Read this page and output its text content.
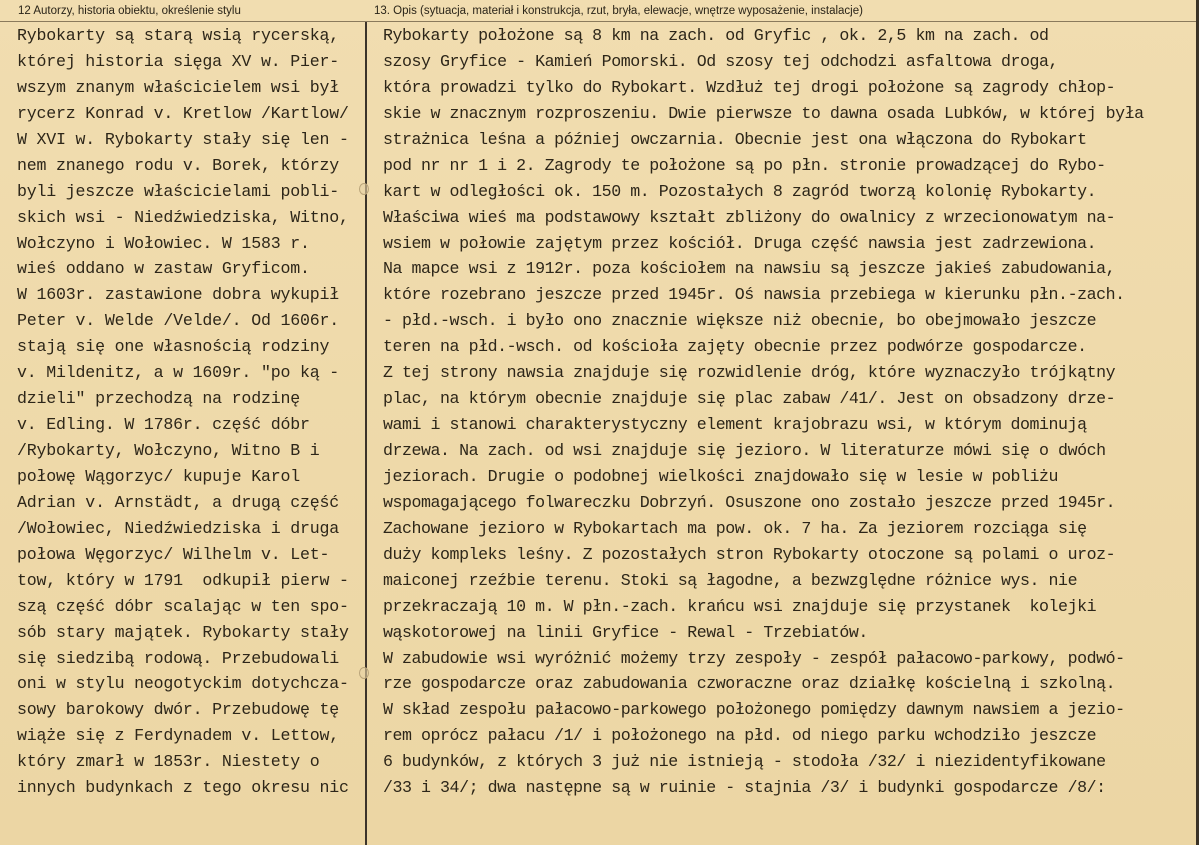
12 Autorzy, historia obiektu, określenie stylu	13. Opis (sytuacja, materiał i konstrukcja, rzut, bryła, elewacje, wnętrze wyposażenie, instalacje)
Rybokarty są starą wsią rycerską,
której historia sięga XV w. Pier-
wszym znanym właścicielem wsi był
rycerz Konrad v. Kretlow /Kartlow/
W XVI w. Rybokarty stały się len -
nem znanego rodu v. Borek, którzy
byli jeszcze właścicielami pobli-
skich wsi - Niedźwiedziska, Witno,
Wołczyno i Wołowiec. W 1583 r.
wieś oddano w zastaw Gryficom.
W 1603r. zastawione dobra wykupił
Peter v. Welde /Velde/. Od 1606r.
stają się one własnością rodziny
v. Mildenitz, a w 1609r. "po ką -
dzieli" przechodzą na rodzinę
v. Edling. W 1786r. część dóbr
/Rybokarty, Wołczyno, Witno B i
połowę Wągorzyc/ kupuje Karol
Adrian v. Arnstädt, a drugą część
/Wołowiec, Niedźwiedziska i druga
połowa Węgorzyc/ Wilhelm v. Let-
tow, który w 1791  odkupił pierw -
szą część dóbr scalając w ten spo-
sób stary majątek. Rybokarty stały
się siedzibą rodową. Przebudowali
oni w stylu neogotyckim dotychcza-
sowy barokowy dwór. Przebudowę tę
wiąże się z Ferdynadem v. Lettow,
który zmarł w 1853r. Niestety o
innych budynkach z tego okresu nic
Rybokarty położone są 8 km na zach. od Gryfic , ok. 2,5 km na zach. od
szosy Gryfice - Kamień Pomorski. Od szosy tej odchodzi asfaltowa droga,
która prowadzi tylko do Rybokart. Wzdłuż tej drogi położone są zagrody chłop-
skie w znacznym rozproszeniu. Dwie pierwsze to dawna osada Lubków, w której była
strażnica leśna a później owczarnia. Obecnie jest ona włączona do Rybokart
pod nr nr 1 i 2. Zagrody te położone są po płn. stronie prowadzącej do Rybo-
kart w odległości ok. 150 m. Pozostałych 8 zagród tworzą kolonię Rybokarty.
Właściwa wieś ma podstawowy kształt zbliżony do owalnicy z wrzecionowatym na-
wsiem w połowie zajętym przez kościół. Druga część nawsia jest zadrzewiona.
Na mapce wsi z 1912r. poza kościołem na nawsiu są jeszcze jakieś zabudowania,
które rozebrano jeszcze przed 1945r. Oś nawsia przebiega w kierunku płn.-zach.
- płd.-wsch. i było ono znacznie większe niż obecnie, bo obejmowało jeszcze
teren na płd.-wsch. od kościoła zajęty obecnie przez podwórze gospodarcze.
Z tej strony nawsia znajduje się rozwidlenie dróg, które wyznaczyło trójkątny
plac, na którym obecnie znajduje się plac zabaw /41/. Jest on obsadzony drze-
wami i stanowi charakterystyczny element krajobrazu wsi, w którym dominują
drzewa. Na zach. od wsi znajduje się jezioro. W literaturze mówi się o dwóch
jeziorach. Drugie o podobnej wielkości znajdowało się w lesie w pobliżu
wspomagającego folwareczku Dobrzyń. Osuszone ono zostało jeszcze przed 1945r.
Zachowane jezioro w Rybokartach ma pow. ok. 7 ha. Za jeziorem rozciąga się
duży kompleks leśny. Z pozostałych stron Rybokarty otoczone są polami o uroz-
maiconej rzeźbie terenu. Stoki są łagodne, a bezwzględne różnice wys. nie
przekraczają 10 m. W płn.-zach. krańcu wsi znajduje się przystanek  kolejki
wąskotorowej na linii Gryfice - Rewal - Trzebiatów.
W zabudowie wsi wyróżnić możemy trzy zespoły - zespół pałacowo-parkowy, podwó-
rze gospodarcze oraz zabudowania czworaczne oraz działkę kościelną i szkolną.
W skład zespołu pałacowo-parkowego położonego pomiędzy dawnym nawsiem a jezio-
rem oprócz pałacu /1/ i położonego na płd. od niego parku wchodziło jeszcze
6 budynków, z których 3 już nie istnieją - stodoła /32/ i niezidentyfikowane
/33 i 34/; dwa następne są w ruinie - stajnia /3/ i budynki gospodarcze /8/:
